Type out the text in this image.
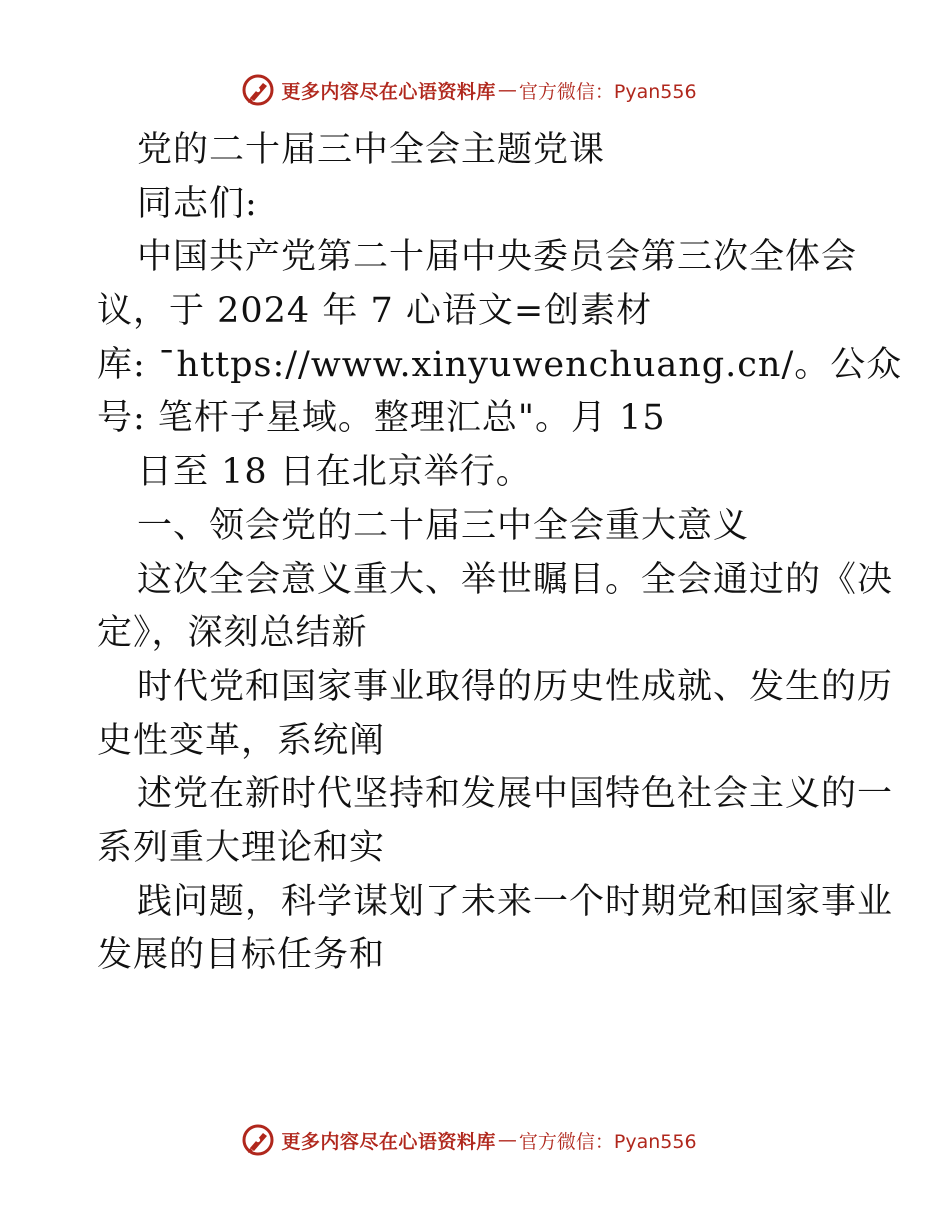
更多内容尽在心语资料库 — 官方微信：Pyan556
党的二十届三中全会主题党课
同志们:
中国共产党第二十届中央委员会第三次全体会
议，于 2024 年 7 心语文=创素材
库: ¯https://www.xinyuwenchuang.cn/。公众
号: 笔杆子星域。整理汇总"。月 15
日至 18 日在北京举行。
一、领会党的二十届三中全会重大意义
这次全会意义重大、举世瞩目。全会通过的《决
定》，深刻总结新
时代党和国家事业取得的历史性成就、发生的历
史性变革，系统阐
述党在新时代坚持和发展中国特色社会主义的一
系列重大理论和实
践问题，科学谋划了未来一个时期党和国家事业
发展的目标任务和
更多内容尽在心语资料库 — 官方微信：Pyan556
